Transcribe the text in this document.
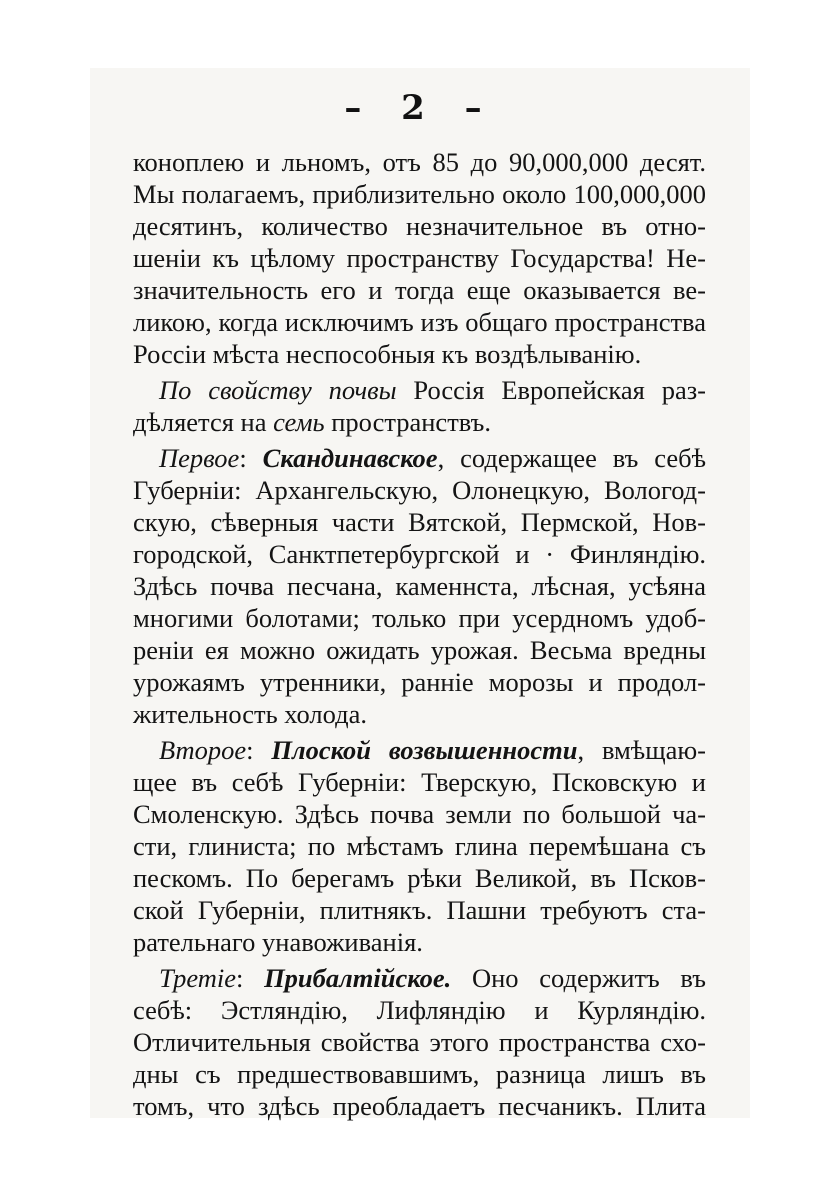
– 2 –
конoплею и льномъ, отъ 85 до 90,000,000 десят.
Мы полагаемъ, приблизительно около 100,000,000
десятинъ, количество незначительное въ отно-
шеніи къ цѣлому пространству Государства! Не-
значительность его и тогда еще оказывается ве-
ликою, когда исключимъ изъ общаго пространства
Россіи мѣста неспособныя къ воздѣлыванію.
По свойству почвы Россія Европейская раз-
дѣляется на семь пространствъ.
Первое: Скандинавское, содержащее въ себѣ
Губерніи: Архангельскую, Олонецкую, Вологод-
скую, сѣверныя части Вятской, Пермской, Нов-
городской, Санктпетербургской и · Финляндію.
Здѣсь почва песчана, каменнста, лѣсная, усѣяна
многими болотами; только при усердномъ удоб-
реніи ея можно ожидать урожая. Весьма вредны
урожаямъ утренники, ранніе морозы и продол-
жительность холода.
Второе: Плоской возвышенности, вмѣщаю-
щее въ себѣ Губерніи: Тверскую, Псковскую и
Смоленскую. Здѣсь почва земли по большой ча-
сти, глиниста; по мѣстамъ глина перемѣшана съ
пескомъ. По берегамъ рѣки Великой, въ Псков-
ской Губерніи, плитнякъ. Пашни требуютъ ста-
рательнаго унавоживанія.
Третіе: Прибалтійское. Оно содержитъ въ
себѣ: Эстляндію, Лифляндію и Курляндію.
Отличительныя свойства этого пространства схо-
дны съ предшествовавшимъ, разница лишъ въ
томъ, что здѣсь преобладаетъ песчаникъ. Плита
